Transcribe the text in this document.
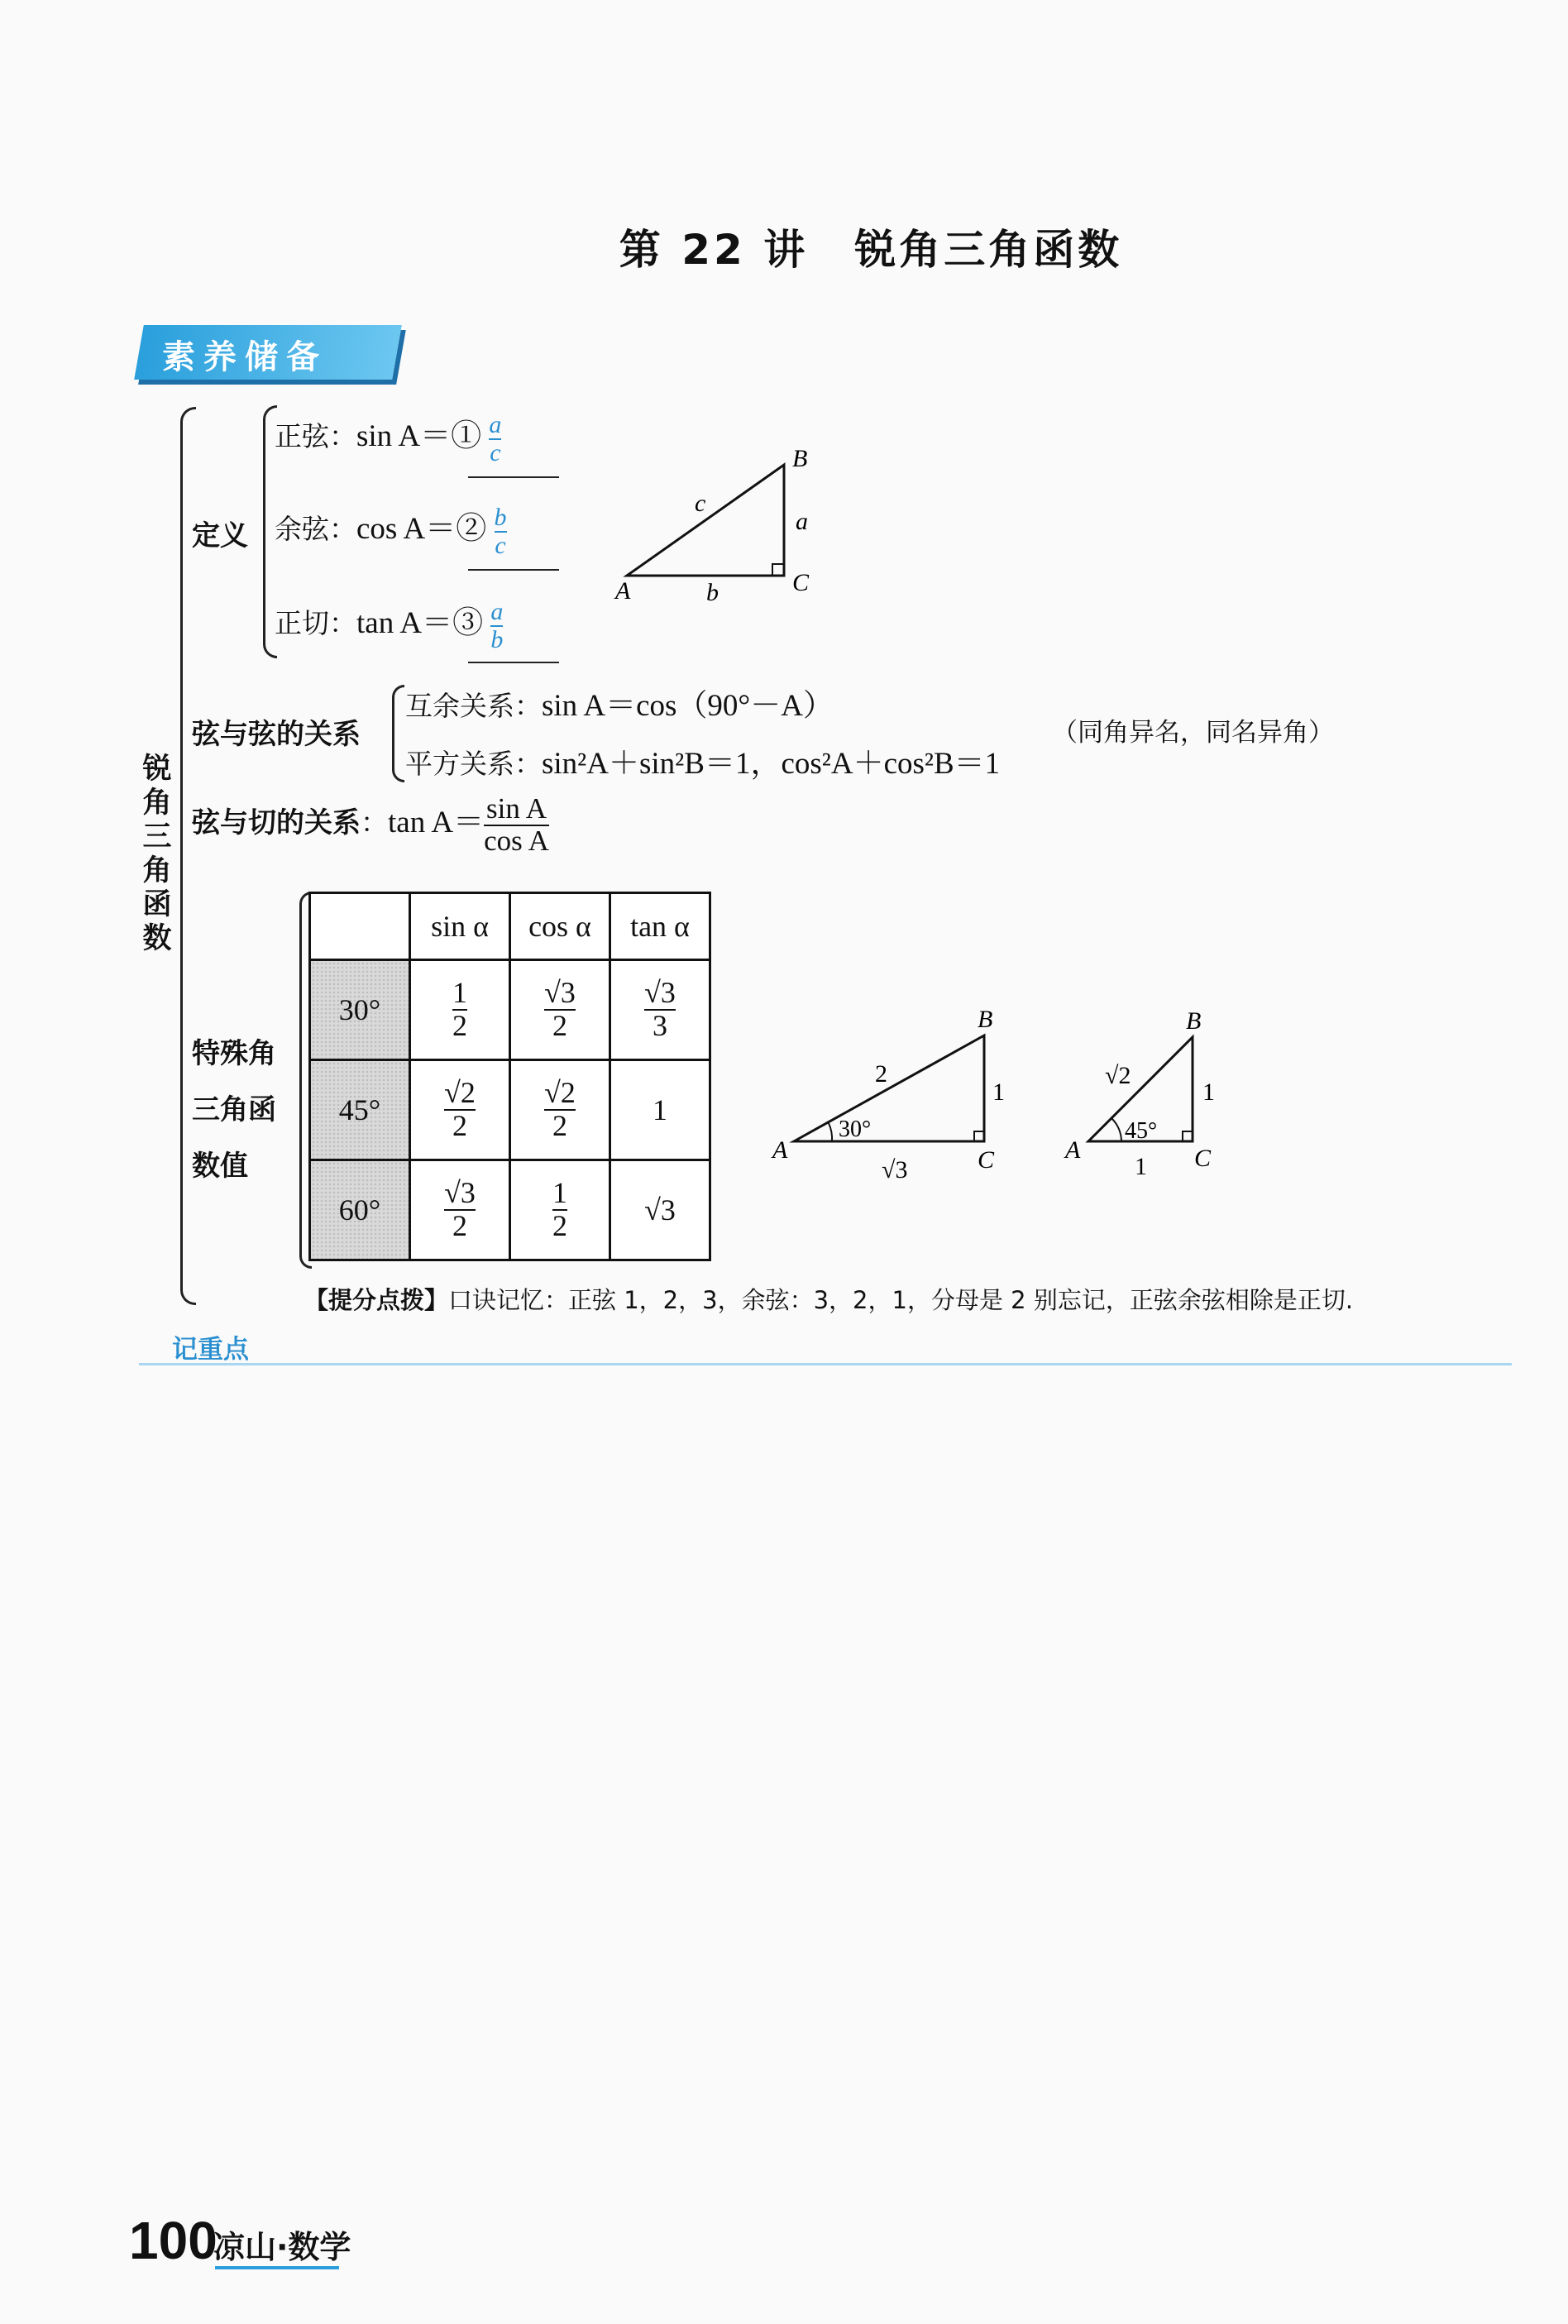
第 22 讲 锐角三角函数
素养储备
锐
角
三
角
函
数
定义
正弦：sin A＝① $\frac{a}{c}$
余弦：cos A＝② $\frac{b}{c}$
正切：tan A＝③ $\frac{a}{b}$
A
B
C
a
b
c
弦与弦的关系
互余关系：sin A＝cos（90°－A）
平方关系：sin²A＋sin²B＝1，cos²A＋cos²B＝1
（同角异名，同名异角）
弦与切的关系：$\tan A= \frac{\text{sin A}}{\text{cos A}}$
特殊角
三角函
数值
	sin α	cos α	tan α
30°	$\frac{1}{2}$	$\frac{√3}{2}$	$\frac{√3}{3}$

45°	$\frac{√2}{2}$	$\frac{√2}{2}$	1
60°	$\frac{√3}{2}$	$\frac{1}{2}$	√3
A
B
C
2
1
√3
30°
A
B
C
√2
1
1
45°
【提分点拨】口诀记忆：正弦 1，2，3，余弦：3，2，1，分母是 2 别忘记，正弦余弦相除是正切.
记重点
100
凉山·数学
